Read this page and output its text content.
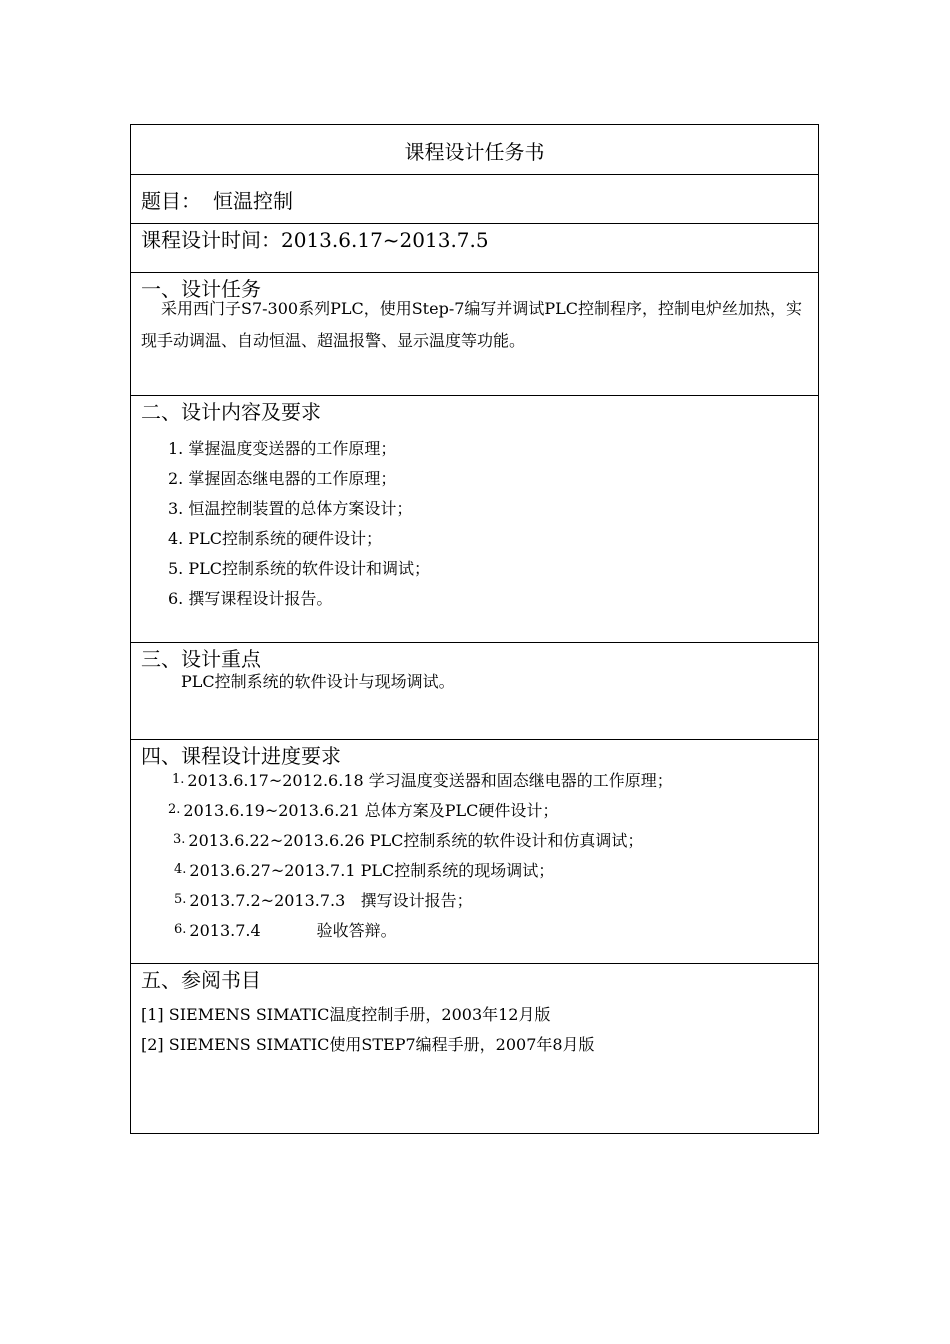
课程设计任务书
题目： 恒温控制
课程设计时间：2013.6.17~2013.7.5
一、设计任务
采用西门子S7-300系列PLC，使用Step-7编写并调试PLC控制程序，控制电炉丝加热，实现手动调温、自动恒温、超温报警、显示温度等功能。
二、设计内容及要求
1. 掌握温度变送器的工作原理；
2. 掌握固态继电器的工作原理；
3. 恒温控制装置的总体方案设计；
4. PLC控制系统的硬件设计；
5. PLC控制系统的软件设计和调试；
6. 撰写课程设计报告。
三、设计重点
PLC控制系统的软件设计与现场调试。
四、课程设计进度要求
1. 2013.6.17~2012.6.18 学习温度变送器和固态继电器的工作原理；
2. 2013.6.19~2013.6.21 总体方案及PLC硬件设计；
3. 2013.6.22~2013.6.26 PLC控制系统的软件设计和仿真调试；
4. 2013.6.27~2013.7.1 PLC控制系统的现场调试；
5. 2013.7.2~2013.7.3   撰写设计报告；
6. 2013.7.4           验收答辩。
五、参阅书目
[1] SIEMENS SIMATIC温度控制手册，2003年12月版
[2] SIEMENS SIMATIC使用STEP7编程手册，2007年8月版
